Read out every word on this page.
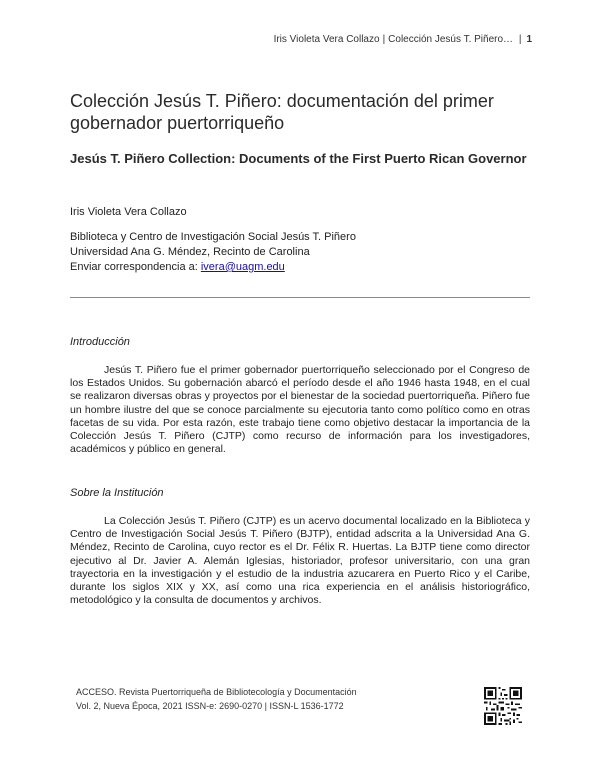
Iris Violeta Vera Collazo | Colección Jesús T. Piñero… | 1
Colección Jesús T. Piñero: documentación del primer gobernador puertorriqueño
Jesús T. Piñero Collection: Documents of the First Puerto Rican Governor
Iris Violeta Vera Collazo
Biblioteca y Centro de Investigación Social Jesús T. Piñero
Universidad Ana G. Méndez, Recinto de Carolina
Enviar correspondencia a: ivera@uagm.edu
Introducción

Jesús T. Piñero fue el primer gobernador puertorriqueño seleccionado por el Congreso de los Estados Unidos. Su gobernación abarcó el período desde el año 1946 hasta 1948, en el cual se realizaron diversas obras y proyectos por el bienestar de la sociedad puertorriqueña. Piñero fue un hombre ilustre del que se conoce parcialmente su ejecutoria tanto como político como en otras facetas de su vida. Por esta razón, este trabajo tiene como objetivo destacar la importancia de la Colección Jesús T. Piñero (CJTP) como recurso de información para los investigadores, académicos y público en general.

Sobre la Institución

La Colección Jesús T. Piñero (CJTP) es un acervo documental localizado en la Biblioteca y Centro de Investigación Social Jesús T. Piñero (BJTP), entidad adscrita a la Universidad Ana G. Méndez, Recinto de Carolina, cuyo rector es el Dr. Félix R. Huertas. La BJTP tiene como director ejecutivo al Dr. Javier A. Alemán Iglesias, historiador, profesor universitario, con una gran trayectoria en la investigación y el estudio de la industria azucarera en Puerto Rico y el Caribe, durante los siglos XIX y XX, así como una rica experiencia en el análisis historiográfico, metodológico y la consulta de documentos y archivos.

ACCESO. Revista Puertorriqueña de Bibliotecología y Documentación
Vol. 2, Nueva Época, 2021 ISSN-e: 2690-0270 | ISSN-L 1536-1772
